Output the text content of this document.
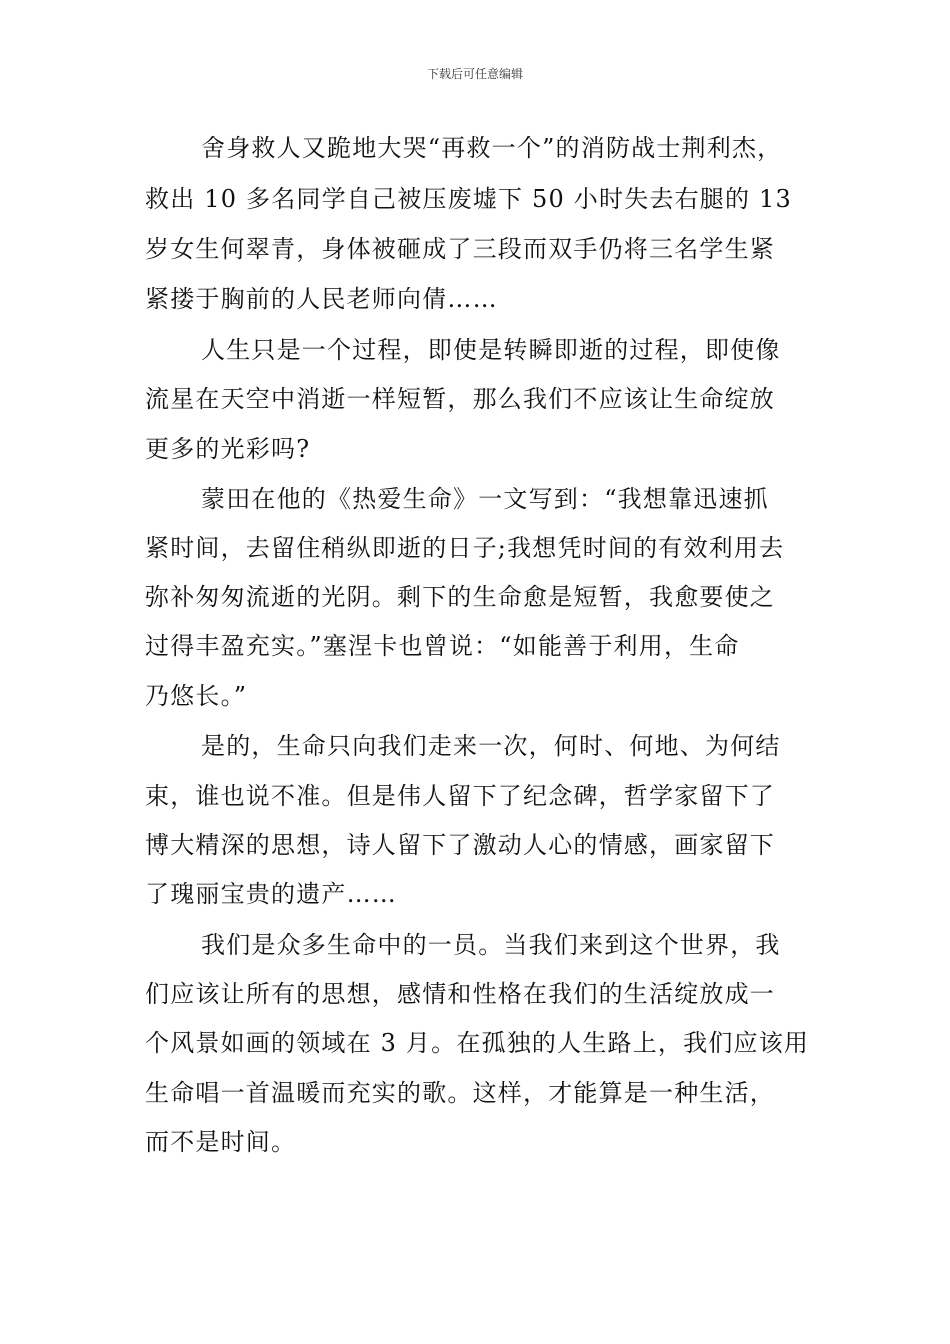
下载后可任意编辑
舍身救人又跪地大哭“再救一个”的消防战士荆利杰，
救出 10 多名同学自己被压废墟下 50 小时失去右腿的 13
岁女生何翠青，身体被砸成了三段而双手仍将三名学生紧
紧搂于胸前的人民老师向倩……
人生只是一个过程，即使是转瞬即逝的过程，即使像
流星在天空中消逝一样短暂，那么我们不应该让生命绽放
更多的光彩吗?
蒙田在他的《热爱生命》一文写到：“我想靠迅速抓
紧时间，去留住稍纵即逝的日子;我想凭时间的有效利用去
弥补匆匆流逝的光阴。剩下的生命愈是短暂，我愈要使之
过得丰盈充实。”塞涅卡也曾说：“如能善于利用，生命
乃悠长。”
是的，生命只向我们走来一次，何时、何地、为何结
束，谁也说不准。但是伟人留下了纪念碑，哲学家留下了
博大精深的思想，诗人留下了激动人心的情感，画家留下
了瑰丽宝贵的遗产……
我们是众多生命中的一员。当我们来到这个世界，我
们应该让所有的思想，感情和性格在我们的生活绽放成一
个风景如画的领域在 3 月。在孤独的人生路上，我们应该用
生命唱一首温暖而充实的歌。这样，才能算是一种生活，
而不是时间。
